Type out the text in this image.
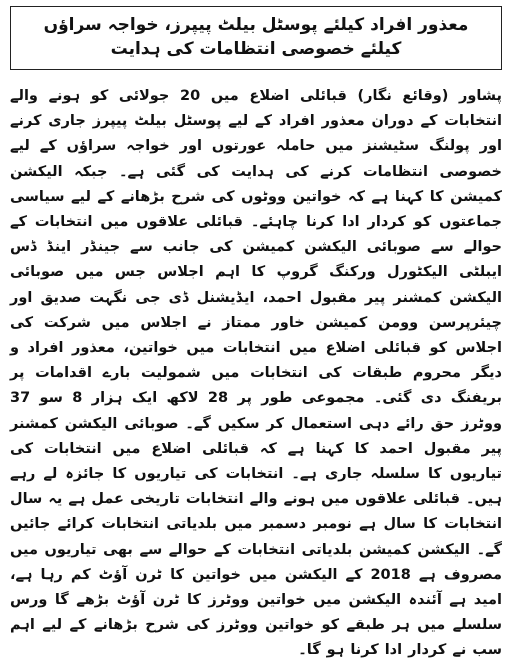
معذور افراد کیلئے پوسٹل بیلٹ پیپرز، خواجہ سراؤں کیلئے خصوصی انتظامات کی ہدایت
پشاور (وقائع نگار) قبائلی اضلاع میں 20 جولائی کو ہونے والے انتخابات کے دوران معذور افراد کے لیے پوسٹل بیلٹ پیپرز جاری کرنے اور پولنگ سٹیشنز میں حاملہ عورتوں اور خواجہ سراؤں کے لیے خصوصی انتظامات کرنے کی ہدایت کی گئی ہے۔ جبکہ الیکشن کمیشن کا کہنا ہے کہ خواتین ووٹوں کی شرح بڑھانے کے لیے سیاسی جماعتوں کو کردار ادا کرنا چاہئے۔ قبائلی علاقوں میں انتخابات کے حوالے سے صوبائی الیکشن کمیشن کی جانب سے جینڈر اینڈ ڈس ایبلٹی الیکٹورل ورکنگ گروپ کا اہم اجلاس جس میں صوبائی الیکشن کمشنر پیر مقبول احمد، ایڈیشنل ڈی جی نگہت صدیق اور چیئرپرسن وومن کمیشن خاور ممتاز نے اجلاس میں شرکت کی اجلاس کو قبائلی اضلاع میں انتخابات میں خواتین، معذور افراد و دیگر محروم طبقات کی انتخابات میں شمولیت بارے اقدامات پر بریفنگ دی گئی۔ مجموعی طور پر 28 لاکھ ایک ہزار 8 سو 37 ووٹرز حق رائے دہی استعمال کر سکیں گے۔ صوبائی الیکشن کمشنر پیر مقبول احمد کا کہنا ہے کہ قبائلی اضلاع میں انتخابات کی تیاریوں کا سلسلہ جاری ہے۔ انتخابات کی تیاریوں کا جائزہ لے رہے ہیں۔ قبائلی علاقوں میں ہونے والے انتخابات تاریخی عمل ہے یہ سال انتخابات کا سال ہے نومبر دسمبر میں بلدیاتی انتخابات کرائے جائیں گے۔ الیکشن کمیشن بلدیاتی انتخابات کے حوالے سے بھی تیاریوں میں مصروف ہے 2018 کے الیکشن میں خواتین کا ٹرن آؤٹ کم رہا ہے، امید ہے آئندہ الیکشن میں خواتین ووٹرز کا ٹرن آؤٹ بڑھے گا ورس سلسلے میں ہر طبقے کو خواتین ووٹرز کی شرح بڑھانے کے لیے اہم سب نے کردار ادا کرنا ہو گا۔
